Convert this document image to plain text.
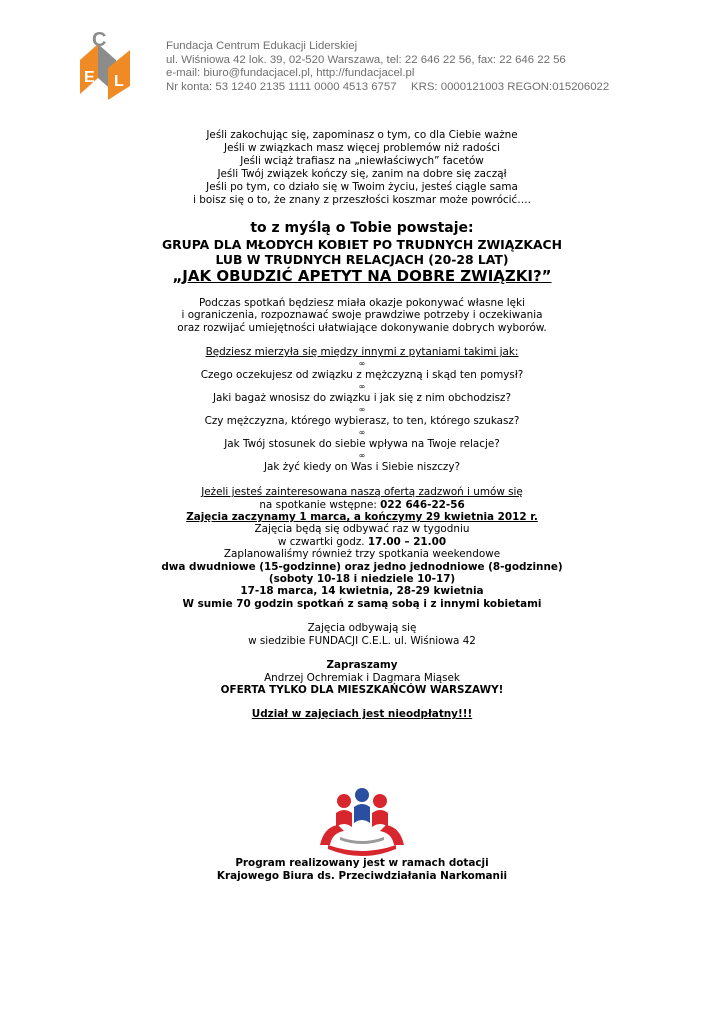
C
E L
Fundacja Centrum Edukacji Liderskiej
ul. Wiśniowa 42 lok. 39, 02-520 Warszawa, tel: 22 646 22 56, fax: 22 646 22 56
e-mail: biuro@fundacjacel.pl, http://fundacjacel.pl
Nr konta: 53 1240 2135 1111 0000 4513 6757 KRS: 0000121003 REGON:015206022

Jeśli zakochując się, zapominasz o tym, co dla Ciebie ważne

Jeśli w związkach masz więcej problemów niż radości

Jeśli wciąż trafiasz na „niewłaściwych” facetów

Jeśli Twój związek kończy się, zanim na dobre się zaczął

Jeśli po tym, co działo się w Twoim życiu, jesteś ciągle sama

i boisz się o to, że znany z przeszłości koszmar może powrócić….

to z myślą o Tobie powstaje:

GRUPA DLA MŁODYCH KOBIET PO TRUDNYCH ZWIĄZKACH

LUB W TRUDNYCH RELACJACH (20-28 LAT)

„JAK OBUDZIĆ APETYT NA DOBRE ZWIĄZKI?”

Podczas spotkań będziesz miała okazje pokonywać własne lęki

i ograniczenia, rozpoznawać swoje prawdziwe potrzeby i oczekiwania

oraz rozwijać umiejętności ułatwiające dokonywanie dobrych wyborów.

Będziesz mierzyła się między innymi z pytaniami takimi jak:

∞

Czego oczekujesz od związku z mężczyzną i skąd ten pomysł?

∞

Jaki bagaż wnosisz do związku i jak się z nim obchodzisz?

∞

Czy mężczyzna, którego wybierasz, to ten, którego szukasz?

∞

Jak Twój stosunek do siebie wpływa na Twoje relacje?

∞

Jak żyć kiedy on Was i Siebie niszczy?

Jeżeli jesteś zainteresowana naszą ofertą zadzwoń i umów się

na spotkanie wstępne: 022 646-22-56

Zajęcia zaczynamy 1 marca, a kończymy 29 kwietnia 2012 r.

Zajęcia będą się odbywać raz w tygodniu

w czwartki godz. 17.00 – 21.00

Zaplanowaliśmy również trzy spotkania weekendowe

dwa dwudniowe (15-godzinne) oraz jedno jednodniowe (8-godzinne)

(soboty 10-18 i niedziele 10-17)

17-18 marca, 14 kwietnia, 28-29 kwietnia

W sumie 70 godzin spotkań z samą sobą i z innymi kobietami

Zajęcia odbywają się

w siedzibie FUNDACJI C.E.L. ul. Wiśniowa 42

Zapraszamy

Andrzej Ochremiak i Dagmara Miąsek

OFERTA TYLKO DLA MIESZKAŃCÓW WARSZAWY!

Udział w zajęciach jest nieodpłatny!!!

Program realizowany jest w ramach dotacji

Krajowego Biura ds. Przeciwdziałania Narkomanii
